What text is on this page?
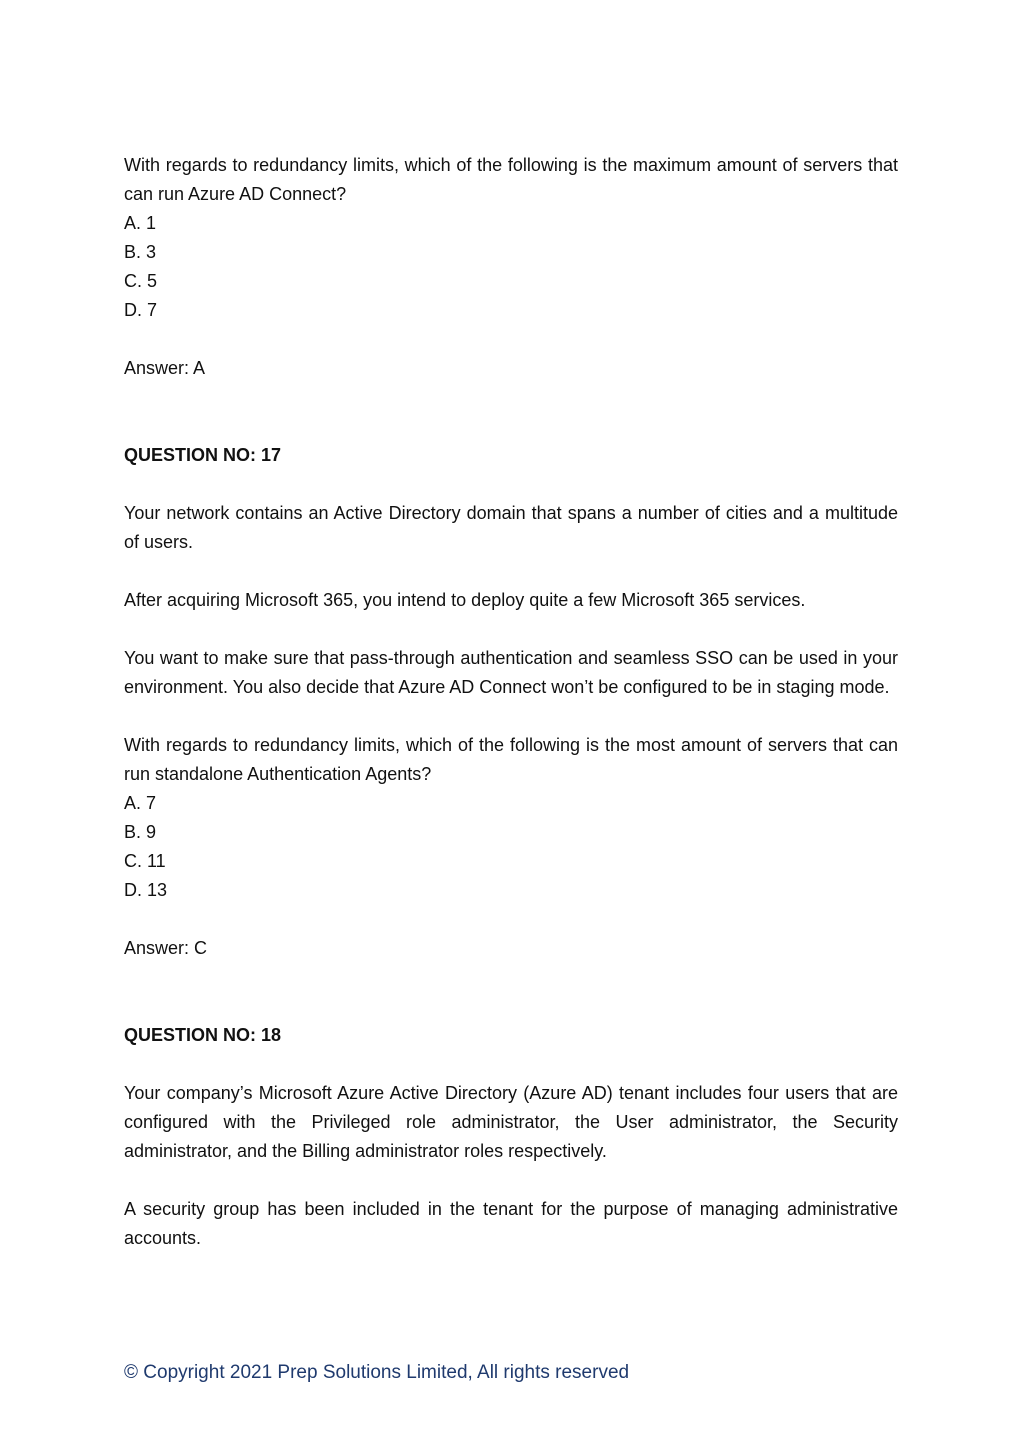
With regards to redundancy limits, which of the following is the maximum amount of servers that can run Azure AD Connect?

A. 1

B. 3

C. 5

D. 7

Answer: A

QUESTION NO: 17

Your network contains an Active Directory domain that spans a number of cities and a multitude of users.

After acquiring Microsoft 365, you intend to deploy quite a few Microsoft 365 services.

You want to make sure that pass-through authentication and seamless SSO can be used in your environment. You also decide that Azure AD Connect won’t be configured to be in staging mode.

With regards to redundancy limits, which of the following is the most amount of servers that can run standalone Authentication Agents?

A. 7

B. 9

C. 11

D. 13

Answer: C

QUESTION NO: 18

Your company’s Microsoft Azure Active Directory (Azure AD) tenant includes four users that are configured with the Privileged role administrator, the User administrator, the Security administrator, and the Billing administrator roles respectively.

A security group has been included in the tenant for the purpose of managing administrative accounts.

© Copyright 2021 Prep Solutions Limited, All rights reserved
